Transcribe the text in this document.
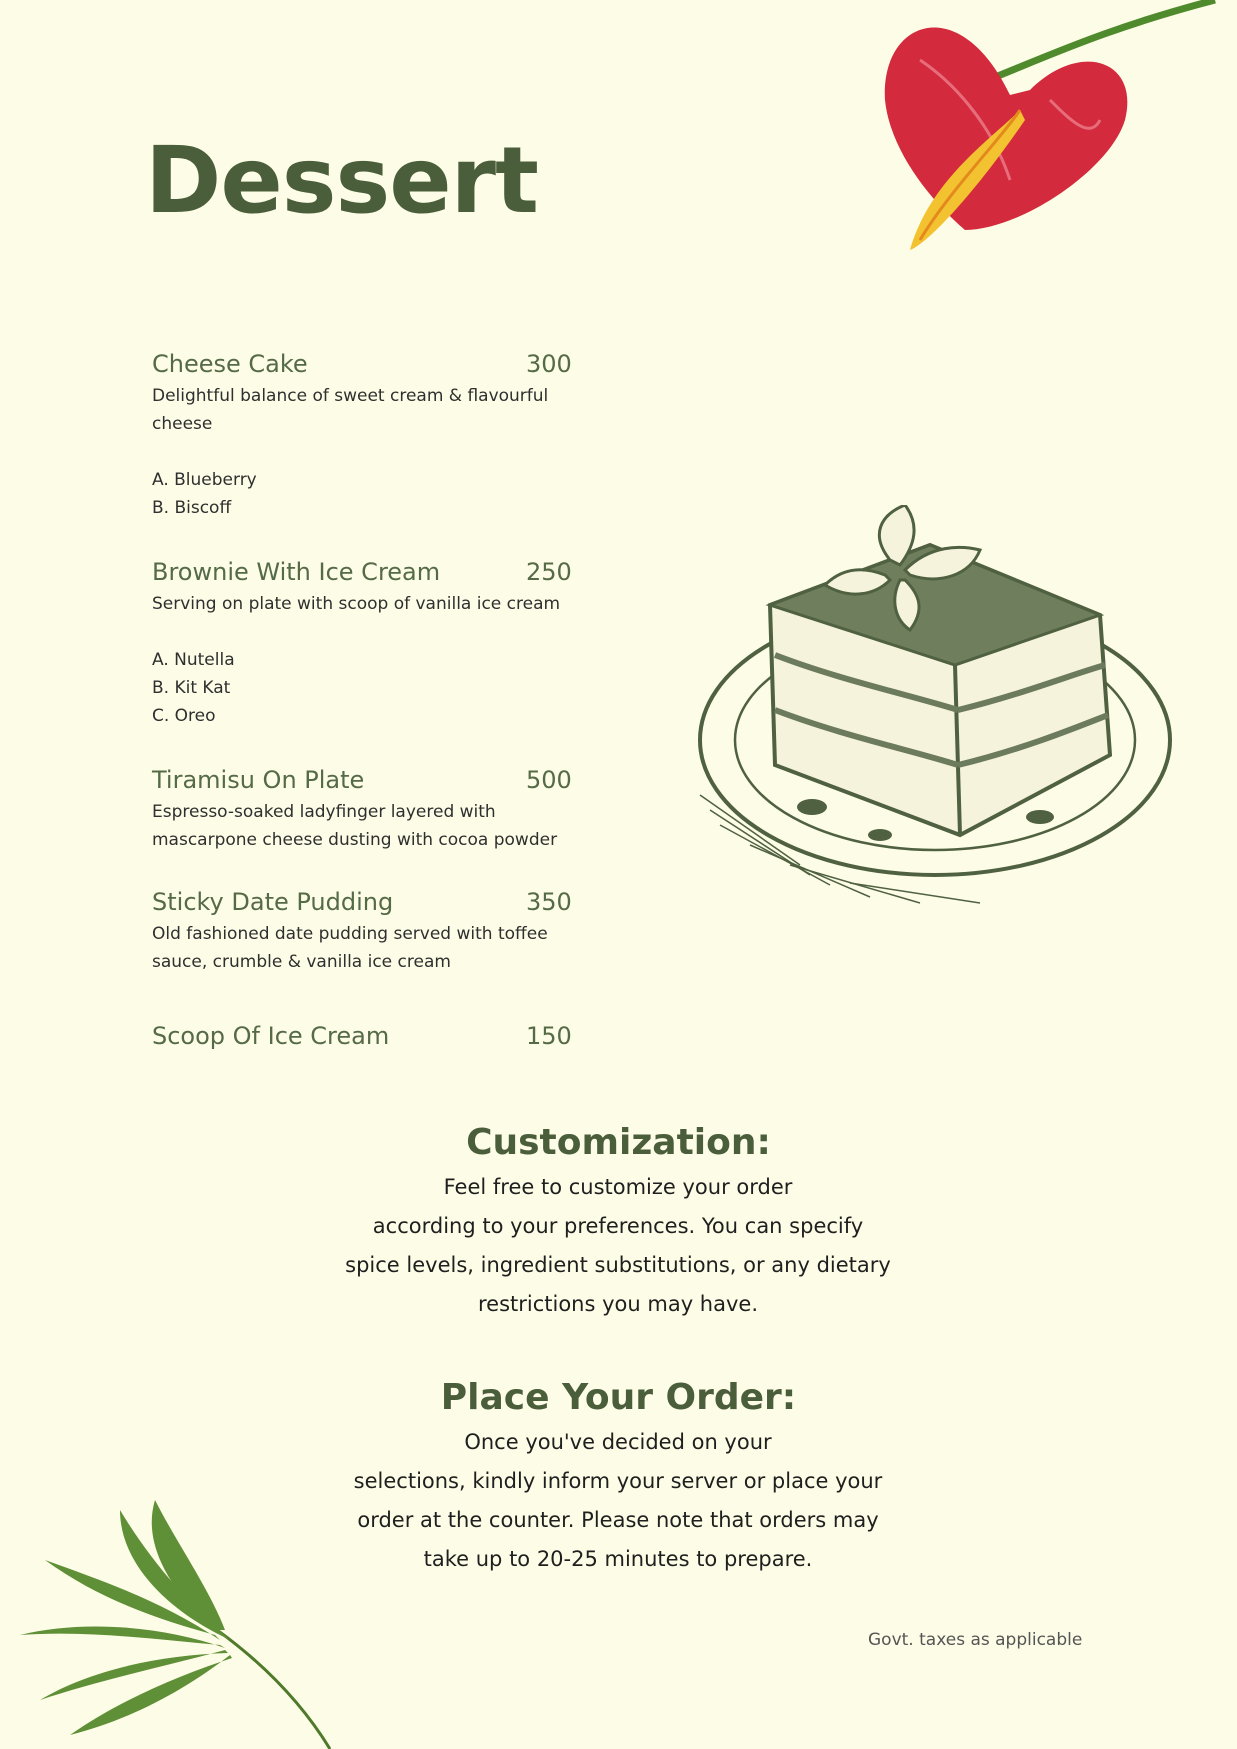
Dessert
Cheese Cake	300
Delightful balance of sweet cream & flavourful
cheese
A. Blueberry
B. Biscoff
Brownie With Ice Cream	250
Serving on plate with scoop of vanilla ice cream
A. Nutella
B. Kit Kat
C. Oreo
Tiramisu On Plate	500
Espresso-soaked ladyfinger layered with
mascarpone cheese dusting with cocoa powder
Sticky Date Pudding	350
Old fashioned date pudding served with toffee
sauce, crumble & vanilla ice cream
Scoop Of Ice Cream	150
Customization:
Feel free to customize your order
according to your preferences. You can specify
spice levels, ingredient substitutions, or any dietary
restrictions you may have.
Place Your Order:
Once you've decided on your
selections, kindly inform your server or place your
order at the counter. Please note that orders may
take up to 20-25 minutes to prepare.
Govt. taxes as applicable
